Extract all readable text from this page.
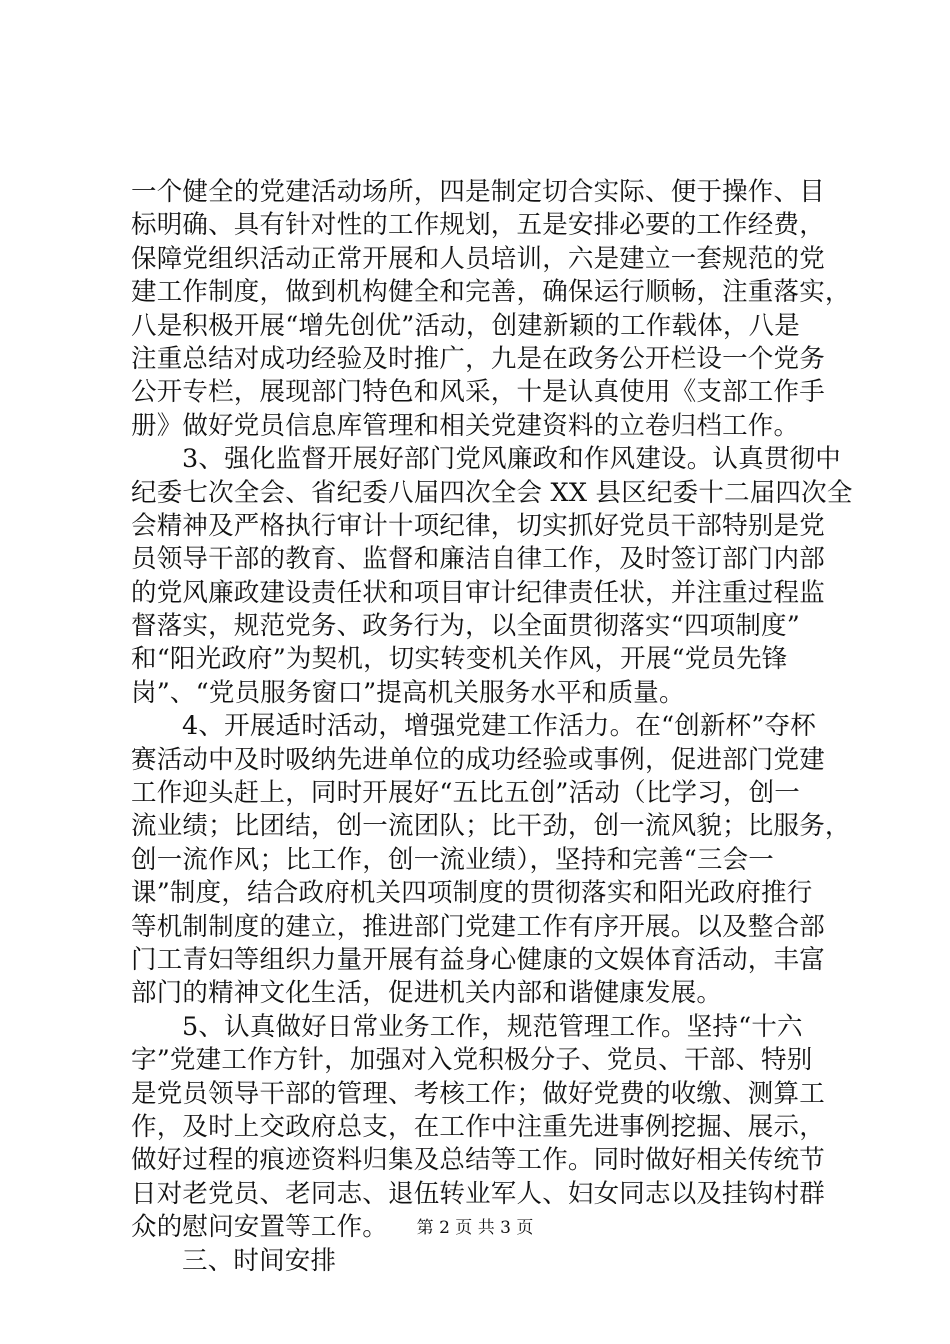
一个健全的党建活动场所，四是制定切合实际、便于操作、目
标明确、具有针对性的工作规划，五是安排必要的工作经费，
保障党组织活动正常开展和人员培训，六是建立一套规范的党
建工作制度，做到机构健全和完善，确保运行顺畅，注重落实，
八是积极开展“增先创优”活动，创建新颖的工作载体，八是
注重总结对成功经验及时推广，九是在政务公开栏设一个党务
公开专栏，展现部门特色和风采，十是认真使用《支部工作手
册》做好党员信息库管理和相关党建资料的立卷归档工作。
3、强化监督开展好部门党风廉政和作风建设。认真贯彻中
纪委七次全会、省纪委八届四次全会 XX 县区纪委十二届四次全
会精神及严格执行审计十项纪律，切实抓好党员干部特别是党
员领导干部的教育、监督和廉洁自律工作，及时签订部门内部
的党风廉政建设责任状和项目审计纪律责任状，并注重过程监
督落实，规范党务、政务行为，以全面贯彻落实“四项制度”
和“阳光政府”为契机，切实转变机关作风，开展“党员先锋
岗”、“党员服务窗口”提高机关服务水平和质量。
4、开展适时活动，增强党建工作活力。在“创新杯”夺杯
赛活动中及时吸纳先进单位的成功经验或事例，促进部门党建
工作迎头赶上，同时开展好“五比五创”活动（比学习，创一
流业绩；比团结，创一流团队；比干劲，创一流风貌；比服务，
创一流作风；比工作，创一流业绩），坚持和完善“三会一
课”制度，结合政府机关四项制度的贯彻落实和阳光政府推行
等机制制度的建立，推进部门党建工作有序开展。以及整合部
门工青妇等组织力量开展有益身心健康的文娱体育活动，丰富
部门的精神文化生活，促进机关内部和谐健康发展。
5、认真做好日常业务工作，规范管理工作。坚持“十六
字”党建工作方针，加强对入党积极分子、党员、干部、特别
是党员领导干部的管理、考核工作；做好党费的收缴、测算工
作，及时上交政府总支，在工作中注重先进事例挖掘、展示，
做好过程的痕迹资料归集及总结等工作。同时做好相关传统节
日对老党员、老同志、退伍转业军人、妇女同志以及挂钩村群
众的慰问安置等工作。
三、时间安排
第 2 页 共 3 页
